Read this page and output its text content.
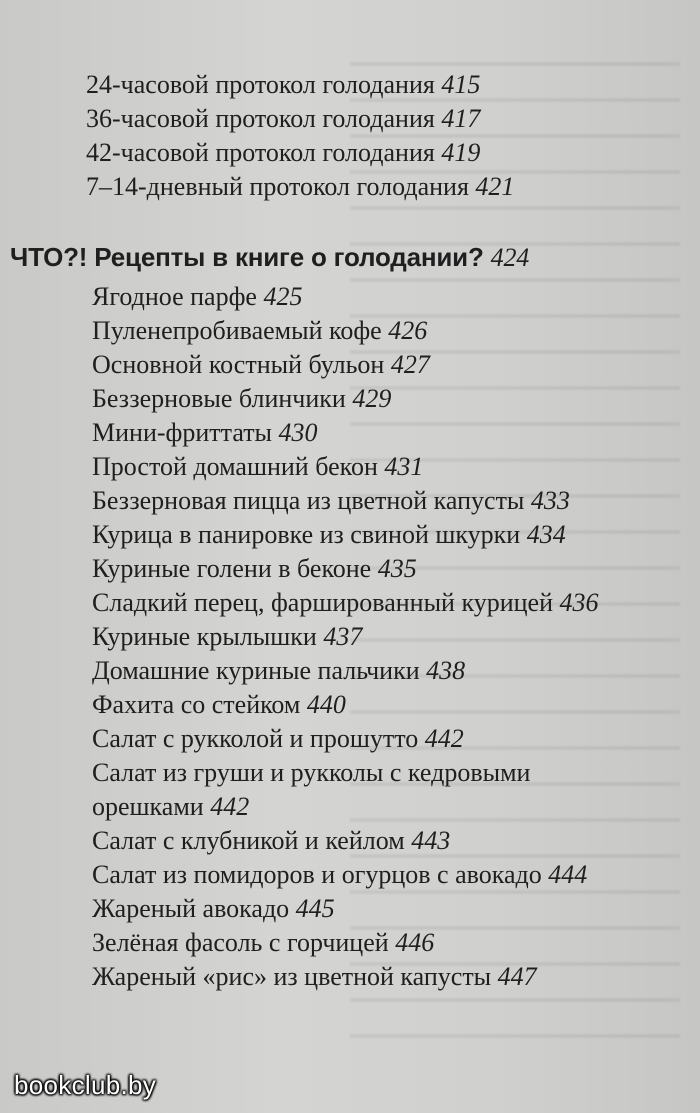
24-часовой протокол голодания 415
36-часовой протокол голодания 417
42-часовой протокол голодания 419
7–14-дневный протокол голодания 421
ЧТО?! Рецепты в книге о голодании? 424
Ягодное парфе 425
Пуленепробиваемый кофе 426
Основной костный бульон 427
Беззерновые блинчики 429
Мини-фриттаты 430
Простой домашний бекон 431
Беззерновая пицца из цветной капусты 433
Курица в панировке из свиной шкурки 434
Куриные голени в беконе 435
Сладкий перец, фаршированный курицей 436
Куриные крылышки 437
Домашние куриные пальчики 438
Фахита со стейком 440
Салат с рукколой и прошутто 442
Салат из груши и рукколы с кедровыми
орешками 442
Салат с клубникой и кейлом 443
Салат из помидоров и огурцов с авокадо 444
Жареный авокадо 445
Зелёная фасоль с горчицей 446
Жареный «рис» из цветной капусты 447
bookclub.by
